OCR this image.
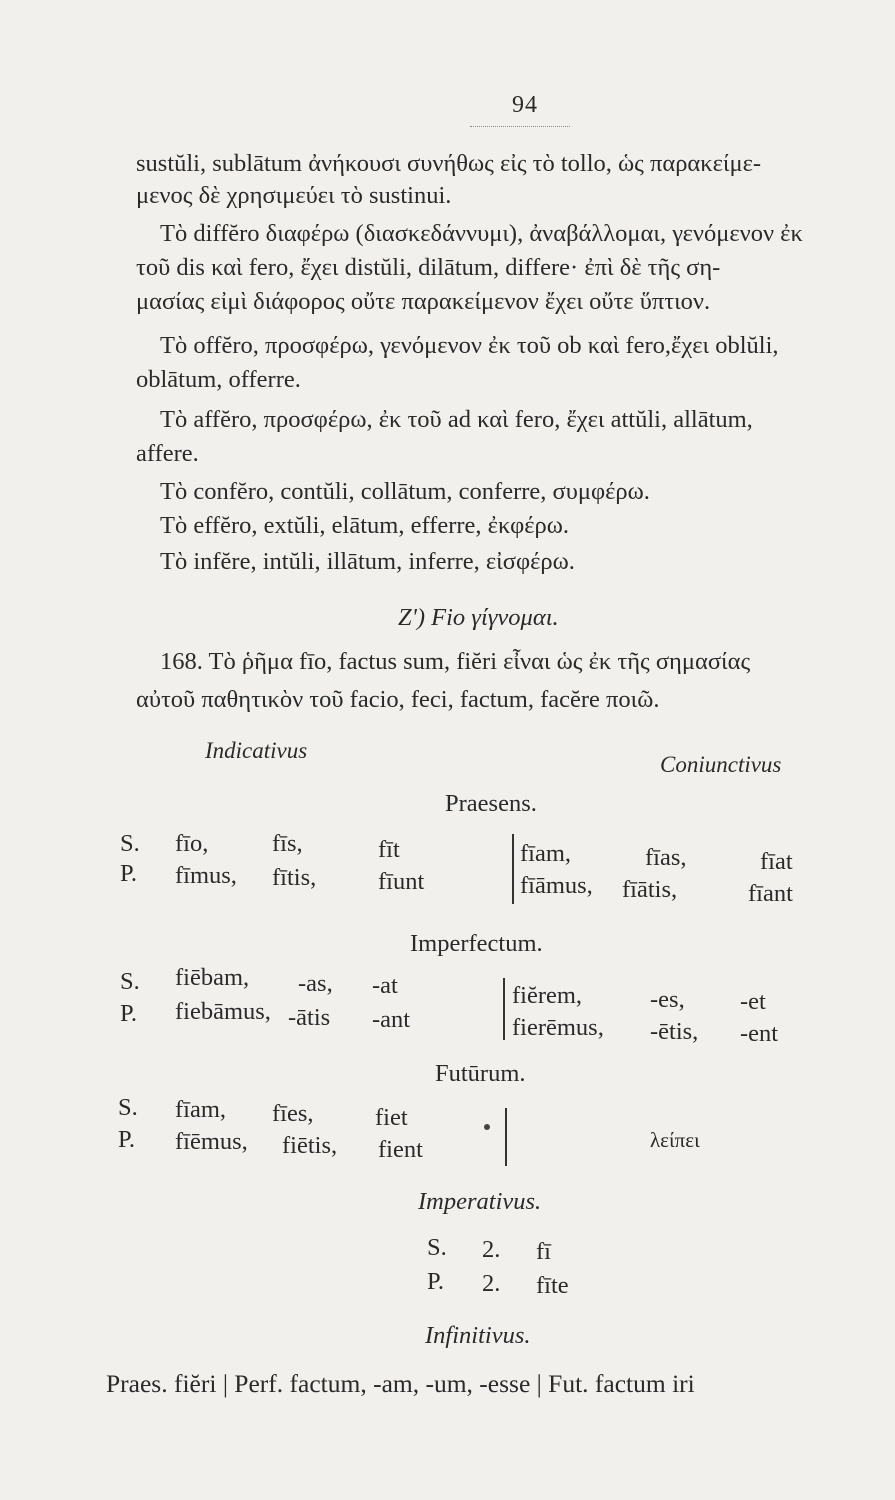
94
sustŭli, sublātum ἀνήκουσι συνήθως εἰς τὸ tollo, ὡς παρακείμε-
μενος δὲ χρησιμεύει τὸ sustinui.
Τὸ diffĕro διαφέρω (διασκεδάννυμι), ἀναβάλλομαι, γενόμενον ἐκ
τοῦ dis καὶ fero, ἔχει distŭli, dilātum, differe· ἐπὶ δὲ τῆς ση-
μασίας εἰμὶ διάφορος οὔτε παρακείμενον ἔχει οὔτε ὕπτιον.
Τὸ offĕro, προσφέρω, γενόμενον ἐκ τοῦ ob καὶ fero,ἔχει oblŭli,
oblātum, offerre.
Τὸ affĕro, προσφέρω, ἐκ τοῦ ad καὶ fero, ἔχει attŭli, allātum,
affere.
Τὸ confĕro, contŭli, collātum, conferre, συμφέρω.
Τὸ effĕro, extŭli, elātum, efferre, ἐκφέρω.
Τὸ infĕre, intŭli, illātum, inferre, εἰσφέρω.
Z') Fio γίγνομαι.
168. Τὸ ῥῆμα fīo, factus sum, fiĕri εἶναι ὡς ἐκ τῆς σημασίας
αὐτοῦ παθητικὸν τοῦ facio, feci, factum, facĕre ποιῶ.
Indicativus
Coniunctivus
Praesens.
S. fīo,	fīs,	fīt	fīam,	fīas,	fīat
P. fīmus, fītis,	fīunt	fīāmus, fīātis,	fīant
Imperfectum.
S. fiēbam, -as, -at	fiĕrem,	-es, -et
P. fiebāmus, -ātis -ant	fierēmus, -ētis, -ent
Futūrum.
S. fīam, fīes,	fiet
P. fīēmus, fiētis, fient	λείπει
Imperativus.
S. 2. fī
P. 2. fīte
Infinitivus.
Praes. fiĕri | Perf. factum, -am, -um, -esse | Fut. factum iri
